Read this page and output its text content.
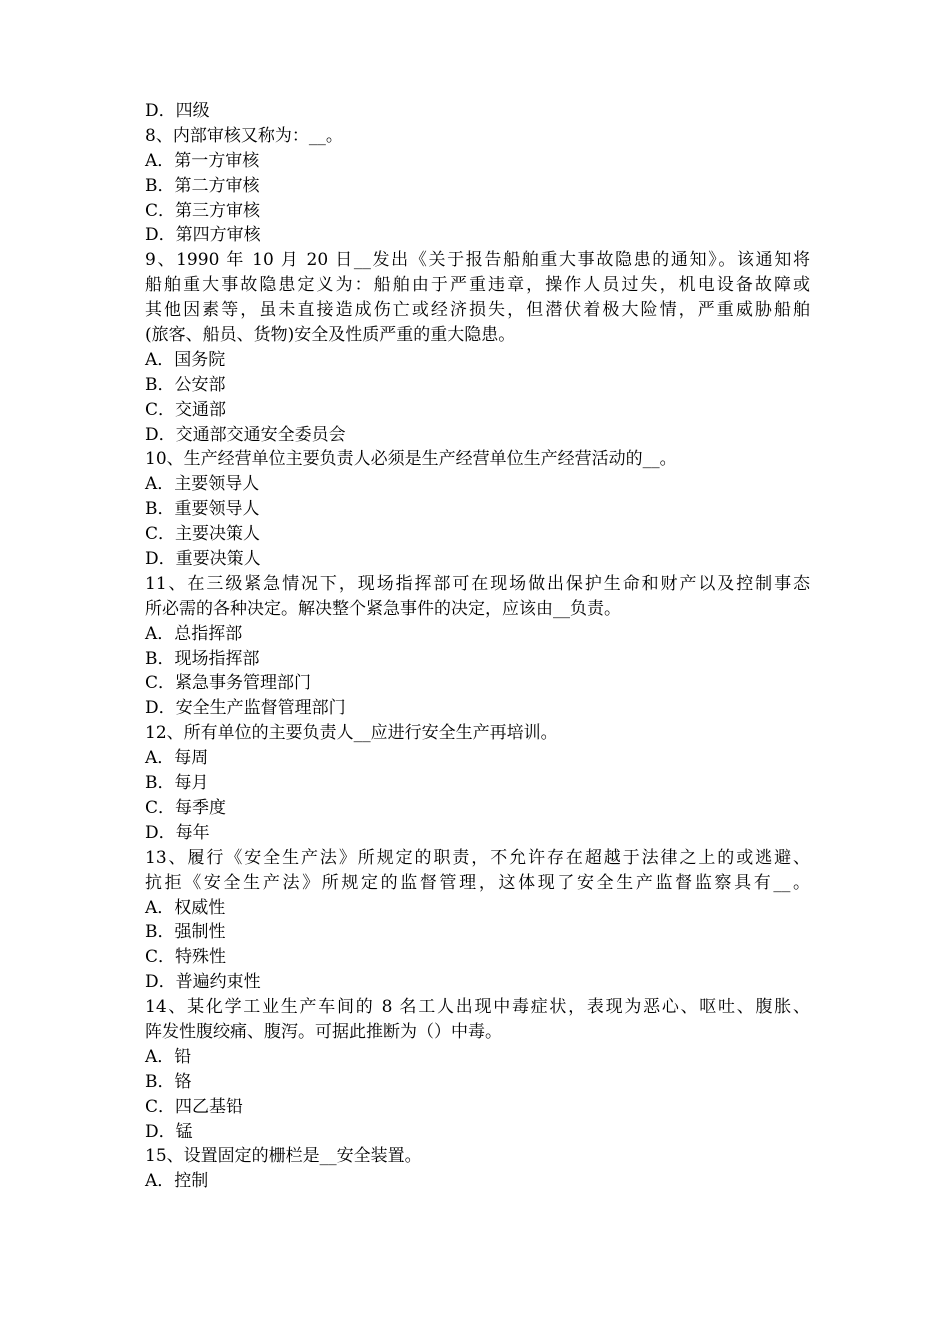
D．四级
8、内部审核又称为：__。
A．第一方审核
B．第二方审核
C．第三方审核
D．第四方审核
9、1990 年 10 月 20 日__发出《关于报告船舶重大事故隐患的通知》。该通知将
船舶重大事故隐患定义为：船舶由于严重违章，操作人员过失，机电设备故障或
其他因素等，虽未直接造成伤亡或经济损失，但潜伏着极大险情，严重威胁船舶
(旅客、船员、货物)安全及性质严重的重大隐患。
A．国务院
B．公安部
C．交通部
D．交通部交通安全委员会
10、生产经营单位主要负责人必须是生产经营单位生产经营活动的__。
A．主要领导人
B．重要领导人
C．主要决策人
D．重要决策人
11、在三级紧急情况下，现场指挥部可在现场做出保护生命和财产以及控制事态
所必需的各种决定。解决整个紧急事件的决定，应该由__负责。
A．总指挥部
B．现场指挥部
C．紧急事务管理部门
D．安全生产监督管理部门
12、所有单位的主要负责人__应进行安全生产再培训。
A．每周
B．每月
C．每季度
D．每年
13、履行《安全生产法》所规定的职责，不允许存在超越于法律之上的或逃避、
抗拒《安全生产法》所规定的监督管理，这体现了安全生产监督监察具有__。
A．权威性
B．强制性
C．特殊性
D．普遍约束性
14、某化学工业生产车间的 8 名工人出现中毒症状，表现为恶心、呕吐、腹胀、
阵发性腹绞痛、腹泻。可据此推断为（）中毒。
A．铅
B．铬
C．四乙基铅
D．锰
15、设置固定的栅栏是__安全装置。
A．控制
